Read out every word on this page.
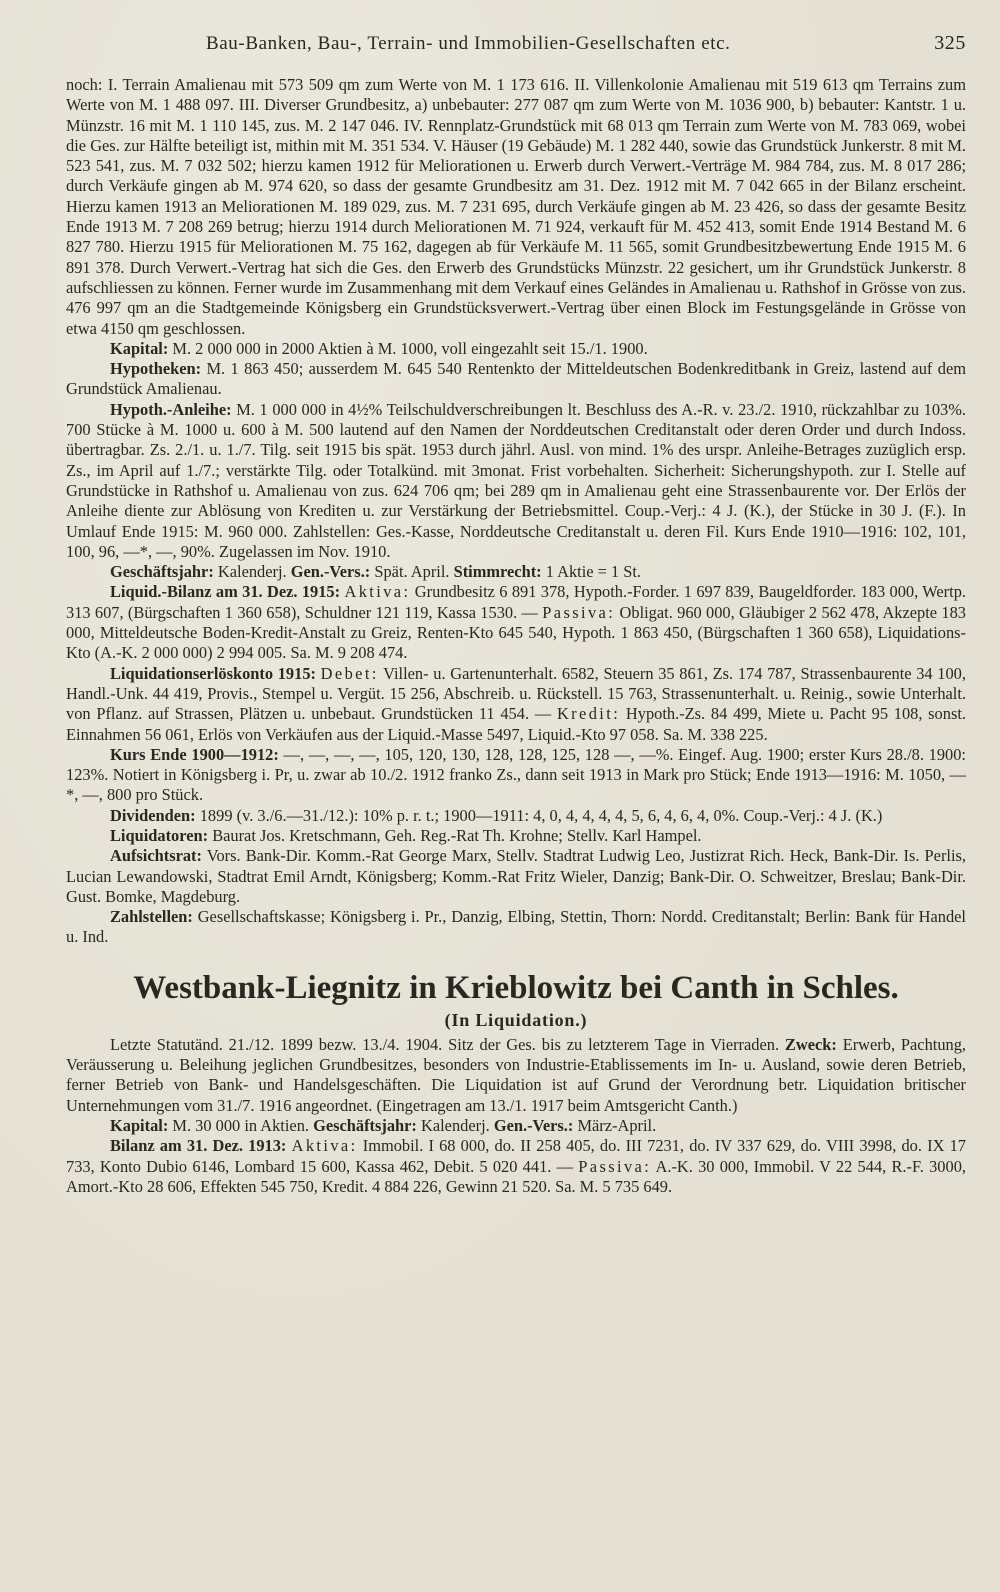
Bau-Banken, Bau-, Terrain- und Immobilien-Gesellschaften etc.	325

noch: I. Terrain Amalienau mit 573 509 qm zum Werte von M. 1 173 616. II. Villenkolonie Amalienau mit 519 613 qm Terrains zum Werte von M. 1 488 097. III. Diverser Grundbesitz, a) unbebauter: 277 087 qm zum Werte von M. 1036 900, b) bebauter: Kantstr. 1 u. Münzstr. 16 mit M. 1 110 145, zus. M. 2 147 046. IV. Rennplatz-Grundstück mit 68 013 qm Terrain zum Werte von M. 783 069, wobei die Ges. zur Hälfte beteiligt ist, mithin mit M. 351 534. V. Häuser (19 Gebäude) M. 1 282 440, sowie das Grundstück Junkerstr. 8 mit M. 523 541, zus. M. 7 032 502; hierzu kamen 1912 für Meliorationen u. Erwerb durch Verwert.-Verträge M. 984 784, zus. M. 8 017 286; durch Verkäufe gingen ab M. 974 620, so dass der gesamte Grundbesitz am 31. Dez. 1912 mit M. 7 042 665 in der Bilanz erscheint. Hierzu kamen 1913 an Meliorationen M. 189 029, zus. M. 7 231 695, durch Verkäufe gingen ab M. 23 426, so dass der gesamte Besitz Ende 1913 M. 7 208 269 betrug; hierzu 1914 durch Meliorationen M. 71 924, verkauft für M. 452 413, somit Ende 1914 Bestand M. 6 827 780. Hierzu 1915 für Meliorationen M. 75 162, dagegen ab für Verkäufe M. 11 565, somit Grundbesitzbewertung Ende 1915 M. 6 891 378. Durch Verwert.-Vertrag hat sich die Ges. den Erwerb des Grundstücks Münzstr. 22 gesichert, um ihr Grundstück Junkerstr. 8 aufschliessen zu können. Ferner wurde im Zusammenhang mit dem Verkauf eines Geländes in Amalienau u. Rathshof in Grösse von zus. 476 997 qm an die Stadtgemeinde Königsberg ein Grundstücksverwert.-Vertrag über einen Block im Festungsgelände in Grösse von etwa 4150 qm geschlossen.

Kapital: M. 2 000 000 in 2000 Aktien à M. 1000, voll eingezahlt seit 15./1. 1900.

Hypotheken: M. 1 863 450; ausserdem M. 645 540 Rentenkto der Mitteldeutschen Bodenkreditbank in Greiz, lastend auf dem Grundstück Amalienau.

Hypoth.-Anleihe: M. 1 000 000 in 4½% Teilschuldverschreibungen lt. Beschluss des A.-R. v. 23./2. 1910, rückzahlbar zu 103%. 700 Stücke à M. 1000 u. 600 à M. 500 lautend auf den Namen der Norddeutschen Creditanstalt oder deren Order und durch Indoss. übertragbar. Zs. 2./1. u. 1./7. Tilg. seit 1915 bis spät. 1953 durch jährl. Ausl. von mind. 1% des urspr. Anleihe-Betrages zuzüglich ersp. Zs., im April auf 1./7.; verstärkte Tilg. oder Totalkünd. mit 3monat. Frist vorbehalten. Sicherheit: Sicherungshypoth. zur I. Stelle auf Grundstücke in Rathshof u. Amalienau von zus. 624 706 qm; bei 289 qm in Amalienau geht eine Strassenbaurente vor. Der Erlös der Anleihe diente zur Ablösung von Krediten u. zur Verstärkung der Betriebsmittel. Coup.-Verj.: 4 J. (K.), der Stücke in 30 J. (F.). In Umlauf Ende 1915: M. 960 000. Zahlstellen: Ges.-Kasse, Norddeutsche Creditanstalt u. deren Fil. Kurs Ende 1910—1916: 102, 101, 100, 96, —*, —, 90%. Zugelassen im Nov. 1910.

Geschäftsjahr: Kalenderj. Gen.-Vers.: Spät. April. Stimmrecht: 1 Aktie = 1 St.

Liquid.-Bilanz am 31. Dez. 1915: Aktiva: Grundbesitz 6 891 378, Hypoth.-Forder. 1 697 839, Baugeldforder. 183 000, Wertp. 313 607, (Bürgschaften 1 360 658), Schuldner 121 119, Kassa 1530. — Passiva: Obligat. 960 000, Gläubiger 2 562 478, Akzepte 183 000, Mitteldeutsche Boden-Kredit-Anstalt zu Greiz, Renten-Kto 645 540, Hypoth. 1 863 450, (Bürgschaften 1 360 658), Liquidations-Kto (A.-K. 2 000 000) 2 994 005. Sa. M. 9 208 474.

Liquidationserlöskonto 1915: Debet: Villen- u. Gartenunterhalt. 6582, Steuern 35 861, Zs. 174 787, Strassenbaurente 34 100, Handl.-Unk. 44 419, Provis., Stempel u. Vergüt. 15 256, Abschreib. u. Rückstell. 15 763, Strassenunterhalt. u. Reinig., sowie Unterhalt. von Pflanz. auf Strassen, Plätzen u. unbebaut. Grundstücken 11 454. — Kredit: Hypoth.-Zs. 84 499, Miete u. Pacht 95 108, sonst. Einnahmen 56 061, Erlös von Verkäufen aus der Liquid.-Masse 5497, Liquid.-Kto 97 058. Sa. M. 338 225.

Kurs Ende 1900—1912: —, —, —, —, 105, 120, 130, 128, 128, 125, 128 —, —%. Eingef. Aug. 1900; erster Kurs 28./8. 1900: 123%. Notiert in Königsberg i. Pr, u. zwar ab 10./2. 1912 franko Zs., dann seit 1913 in Mark pro Stück; Ende 1913—1916: M. 1050, —*, —, 800 pro Stück.

Dividenden: 1899 (v. 3./6.—31./12.): 10% p. r. t.; 1900—1911: 4, 0, 4, 4, 4, 4, 5, 6, 4, 6, 4, 0%. Coup.-Verj.: 4 J. (K.)

Liquidatoren: Baurat Jos. Kretschmann, Geh. Reg.-Rat Th. Krohne; Stellv. Karl Hampel.

Aufsichtsrat: Vors. Bank-Dir. Komm.-Rat George Marx, Stellv. Stadtrat Ludwig Leo, Justizrat Rich. Heck, Bank-Dir. Is. Perlis, Lucian Lewandowski, Stadtrat Emil Arndt, Königsberg; Komm.-Rat Fritz Wieler, Danzig; Bank-Dir. O. Schweitzer, Breslau; Bank-Dir. Gust. Bomke, Magdeburg.

Zahlstellen: Gesellschaftskasse; Königsberg i. Pr., Danzig, Elbing, Stettin, Thorn: Nordd. Creditanstalt; Berlin: Bank für Handel u. Ind.

Westbank-Liegnitz in Krieblowitz bei Canth in Schles.
(In Liquidation.)

Letzte Statutänd. 21./12. 1899 bezw. 13./4. 1904. Sitz der Ges. bis zu letzterem Tage in Vierraden. Zweck: Erwerb, Pachtung, Veräusserung u. Beleihung jeglichen Grundbesitzes, besonders von Industrie-Etablissements im In- u. Ausland, sowie deren Betrieb, ferner Betrieb von Bank- und Handelsgeschäften. Die Liquidation ist auf Grund der Verordnung betr. Liquidation britischer Unternehmungen vom 31./7. 1916 angeordnet. (Eingetragen am 13./1. 1917 beim Amtsgericht Canth.)

Kapital: M. 30 000 in Aktien. Geschäftsjahr: Kalenderj. Gen.-Vers.: März-April.

Bilanz am 31. Dez. 1913: Aktiva: Immobil. I 68 000, do. II 258 405, do. III 7231, do. IV 337 629, do. VIII 3998, do. IX 17 733, Konto Dubio 6146, Lombard 15 600, Kassa 462, Debit. 5 020 441. — Passiva: A.-K. 30 000, Immobil. V 22 544, R.-F. 3000, Amort.-Kto 28 606, Effekten 545 750, Kredit. 4 884 226, Gewinn 21 520. Sa. M. 5 735 649.
